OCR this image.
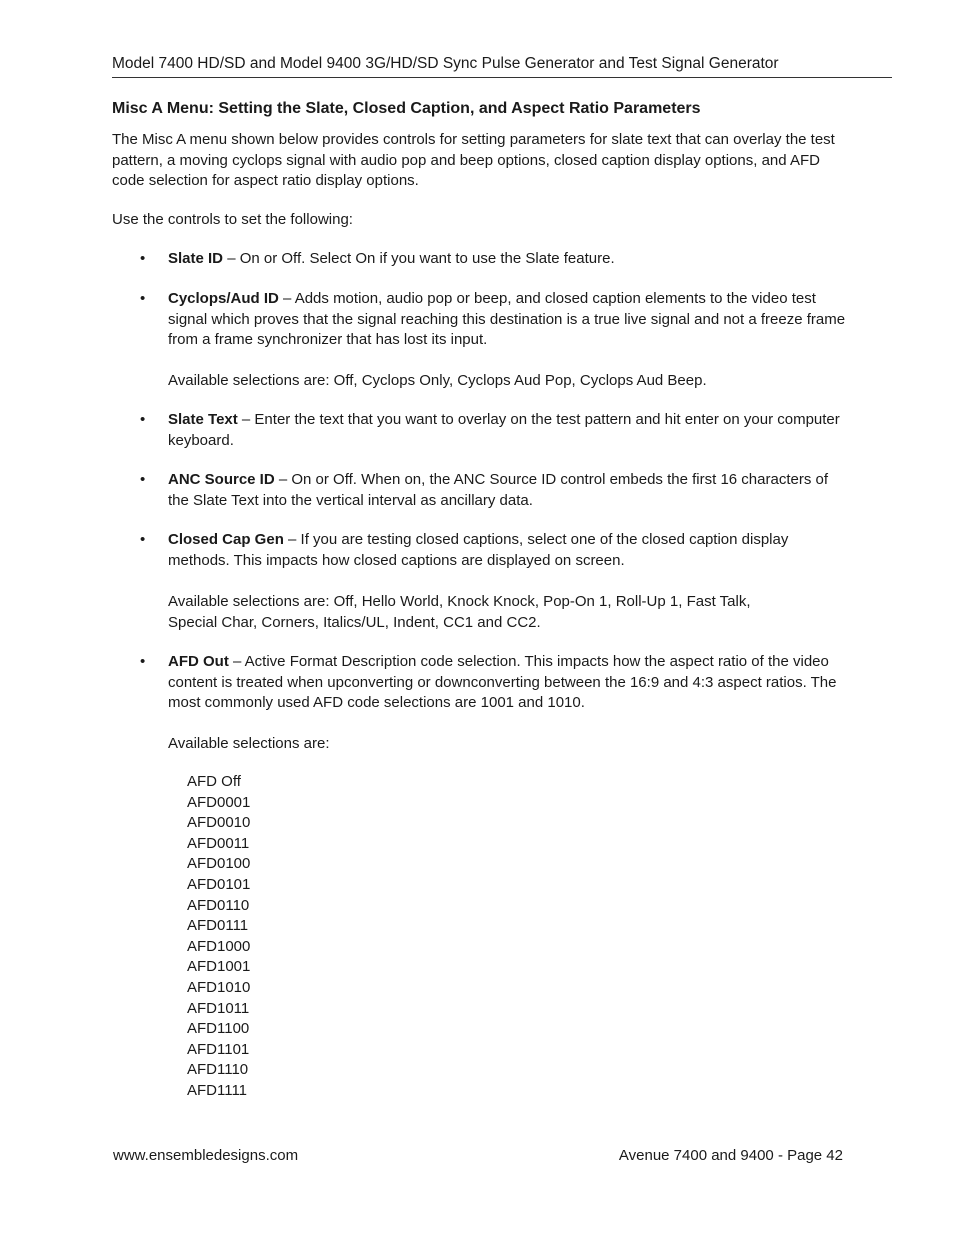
Model 7400 HD/SD and Model 9400 3G/HD/SD Sync Pulse Generator and Test Signal Generator
Misc A Menu: Setting the Slate, Closed Caption, and Aspect Ratio Parameters

The Misc A menu shown below provides controls for setting parameters for slate text that can overlay the test pattern, a moving cyclops signal with audio pop and beep options, closed caption display options, and AFD code selection for aspect ratio display options.

Use the controls to set the following:
• Slate ID – On or Off. Select On if you want to use the Slate feature.
• Cyclops/Aud ID – Adds motion, audio pop or beep, and closed caption elements to the video test signal which proves that the signal reaching this destination is a true live signal and not a freeze frame from a frame synchronizer that has lost its input.
Available selections are: Off, Cyclops Only, Cyclops Aud Pop, Cyclops Aud Beep.
• Slate Text – Enter the text that you want to overlay on the test pattern and hit enter on your computer keyboard.
• ANC Source ID – On or Off. When on, the ANC Source ID control embeds the first 16 characters of the Slate Text into the vertical interval as ancillary data.
• Closed Cap Gen – If you are testing closed captions, select one of the closed caption display methods. This impacts how closed captions are displayed on screen.
Available selections are: Off, Hello World, Knock Knock, Pop-On 1, Roll-Up 1, Fast Talk,
Special Char, Corners, Italics/UL, Indent, CC1 and CC2.
• AFD Out – Active Format Description code selection. This impacts how the aspect ratio of the video content is treated when upconverting or downconverting between the 16:9 and 4:3 aspect ratios. The most commonly used AFD code selections are 1001 and 1010.
Available selections are:
AFD Off
AFD0001
AFD0010
AFD0011
AFD0100
AFD0101
AFD0110
AFD0111
AFD1000
AFD1001
AFD1010
AFD1011
AFD1100
AFD1101
AFD1110
AFD1111
www.ensembledesigns.com	Avenue 7400 and 9400 - Page 42
